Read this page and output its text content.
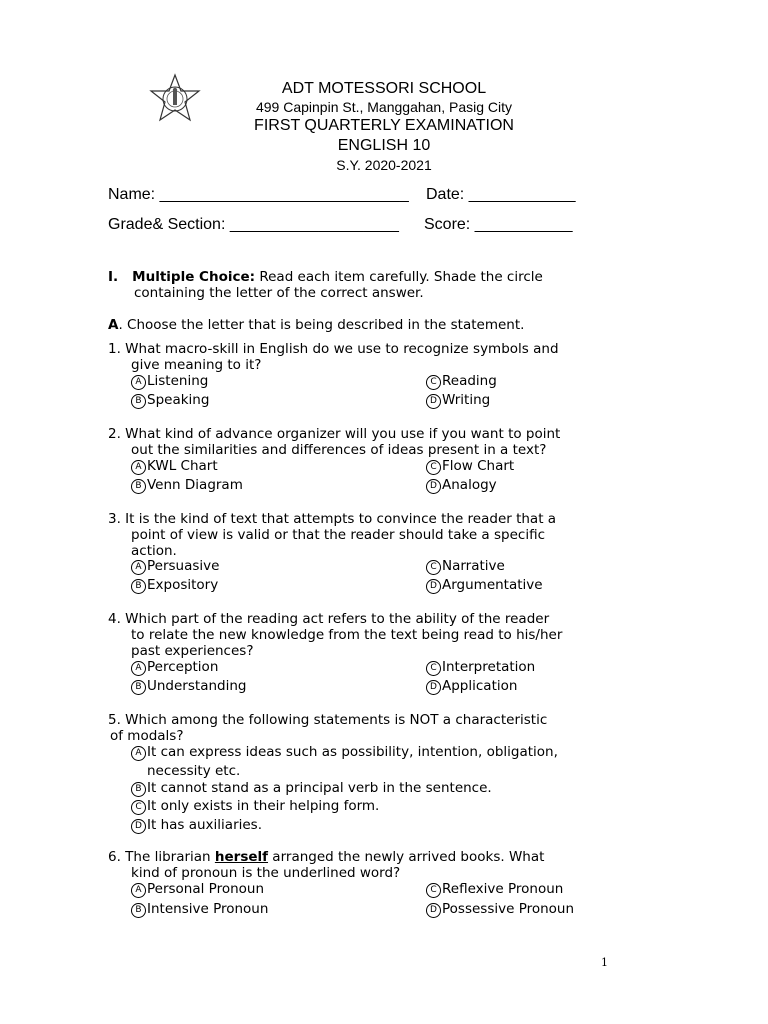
ADT MOTESSORI SCHOOL
499 Capinpin St., Manggahan, Pasig City
FIRST QUARTERLY EXAMINATION
ENGLISH 10
S.Y. 2020-2021
Name: ____________________________ Date: ____________
Grade& Section: ___________________ Score: ___________
I. Multiple Choice: Read each item carefully. Shade the circle
containing the letter of the correct answer.
A. Choose the letter that is being described in the statement.
1. What macro-skill in English do we use to recognize symbols and
give meaning to it?
A Listening	C Reading
B Speaking	D Writing
2. What kind of advance organizer will you use if you want to point
out the similarities and differences of ideas present in a text?
A KWL Chart	C Flow Chart
B Venn Diagram	D Analogy
3. It is the kind of text that attempts to convince the reader that a
point of view is valid or that the reader should take a specific
action.
A Persuasive	C Narrative
B Expository	D Argumentative
4. Which part of the reading act refers to the ability of the reader
to relate the new knowledge from the text being read to his/her
past experiences?
A Perception	C Interpretation
B Understanding	D Application
5. Which among the following statements is NOT a characteristic
of modals?
A It can express ideas such as possibility, intention, obligation,
necessity etc.
B It cannot stand as a principal verb in the sentence.
C It only exists in their helping form.
D It has auxiliaries.
6. The librarian herself arranged the newly arrived books. What
kind of pronoun is the underlined word?
A Personal Pronoun	C Reflexive Pronoun
B Intensive Pronoun	D Possessive Pronoun
1
